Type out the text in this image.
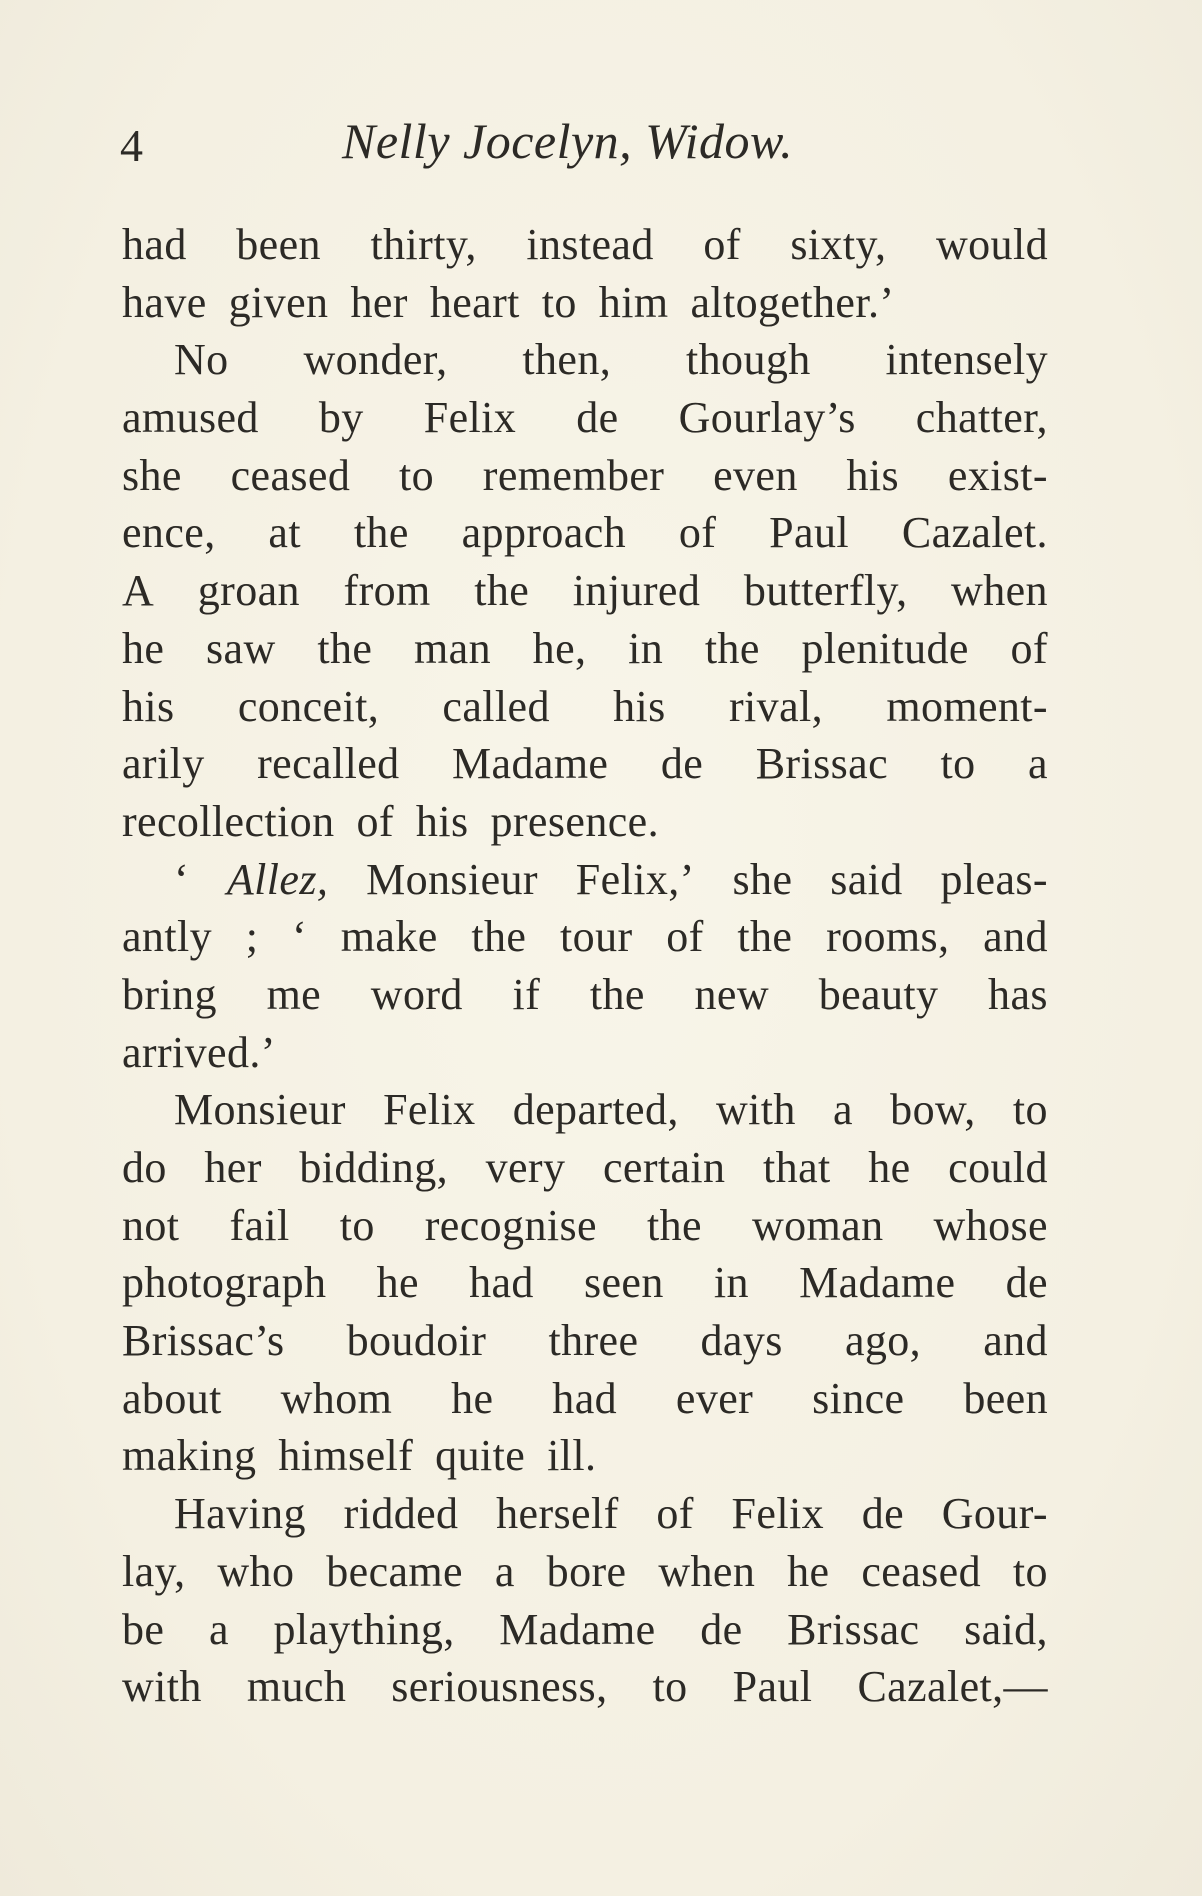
4	Nelly Jocelyn, Widow.
had been thirty, instead of sixty, would
have given her heart to him altogether.’
No wonder, then, though intensely
amused by Felix de Gourlay’s chatter,
she ceased to remember even his exist-
ence, at the approach of Paul Cazalet.
A groan from the injured butterfly, when
he saw the man he, in the plenitude of
his conceit, called his rival, moment-
arily recalled Madame de Brissac to a
recollection of his presence.
‘ Allez, Monsieur Felix,’ she said pleas-
antly ; ‘ make the tour of the rooms, and
bring me word if the new beauty has
arrived.’
Monsieur Felix departed, with a bow, to
do her bidding, very certain that he could
not fail to recognise the woman whose
photograph he had seen in Madame de
Brissac’s boudoir three days ago, and
about whom he had ever since been
making himself quite ill.
Having ridded herself of Felix de Gour-
lay, who became a bore when he ceased to
be a plaything, Madame de Brissac said,
with much seriousness, to Paul Cazalet,—
